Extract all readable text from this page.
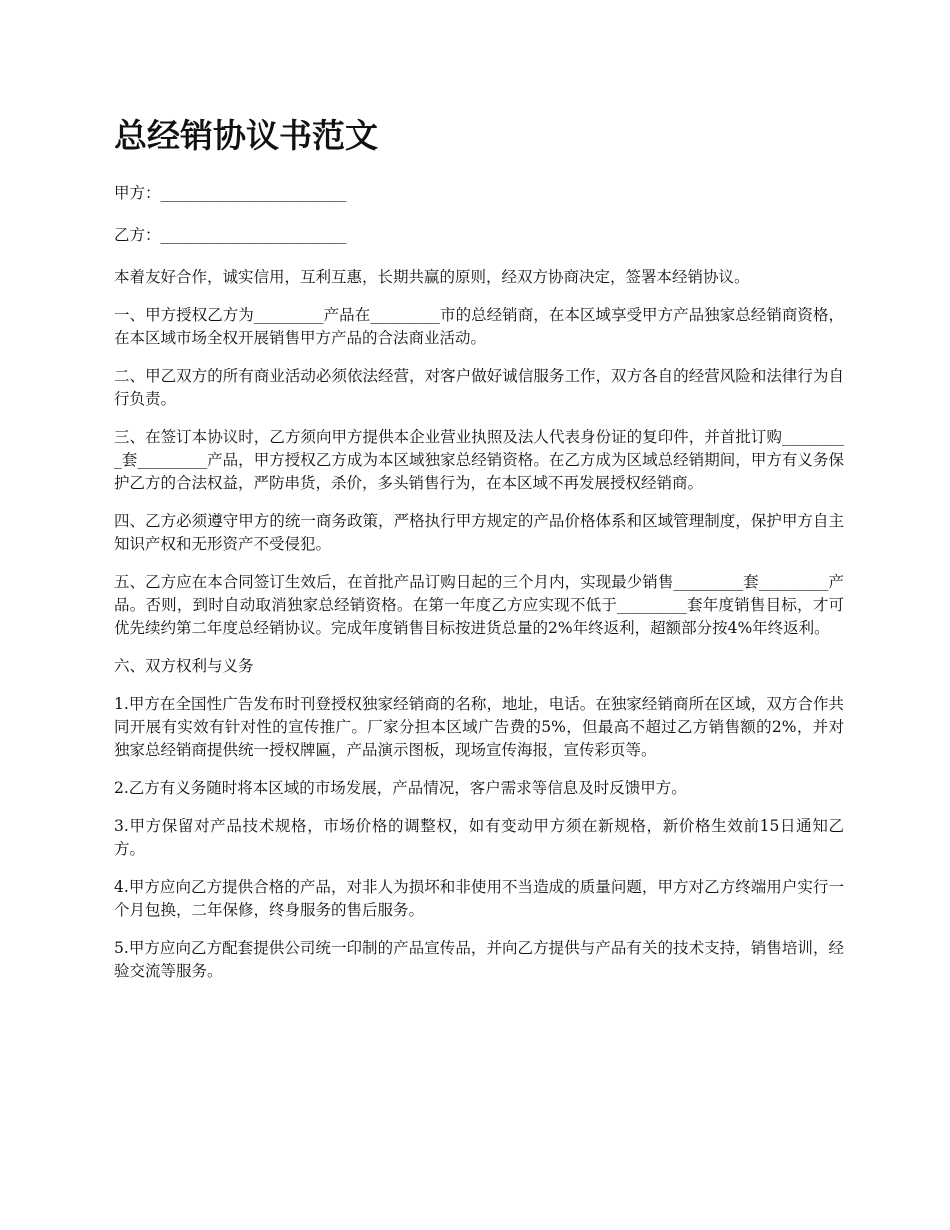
总经销协议书范文

甲方：________________________

乙方：________________________

本着友好合作，诚实信用，互利互惠，长期共赢的原则，经双方协商决定，签署本经销协议。

一、甲方授权乙方为_________产品在_________市的总经销商，在本区域享受甲方产品独家总经销商资格，在本区域市场全权开展销售甲方产品的合法商业活动。

二、甲乙双方的所有商业活动必须依法经营，对客户做好诚信服务工作，双方各自的经营风险和法律行为自行负责。

三、在签订本协议时，乙方须向甲方提供本企业营业执照及法人代表身份证的复印件，并首批订购_________套_________产品，甲方授权乙方成为本区域独家总经销资格。在乙方成为区域总经销期间，甲方有义务保护乙方的合法权益，严防串货，杀价，多头销售行为，在本区域不再发展授权经销商。

四、乙方必须遵守甲方的统一商务政策，严格执行甲方规定的产品价格体系和区域管理制度，保护甲方自主知识产权和无形资产不受侵犯。

五、乙方应在本合同签订生效后，在首批产品订购日起的三个月内，实现最少销售_________套_________产品。否则，到时自动取消独家总经销资格。在第一年度乙方应实现不低于_________套年度销售目标，才可优先续约第二年度总经销协议。完成年度销售目标按进货总量的2%年终返利，超额部分按4%年终返利。

六、双方权利与义务

1.甲方在全国性广告发布时刊登授权独家经销商的名称，地址，电话。在独家经销商所在区域，双方合作共同开展有实效有针对性的宣传推广。厂家分担本区域广告费的5%，但最高不超过乙方销售额的2%，并对独家总经销商提供统一授权牌匾，产品演示图板，现场宣传海报，宣传彩页等。

2.乙方有义务随时将本区域的市场发展，产品情况，客户需求等信息及时反馈甲方。

3.甲方保留对产品技术规格，市场价格的调整权，如有变动甲方须在新规格，新价格生效前15日通知乙方。

4.甲方应向乙方提供合格的产品，对非人为损坏和非使用不当造成的质量问题，甲方对乙方终端用户实行一个月包换，二年保修，终身服务的售后服务。

5.甲方应向乙方配套提供公司统一印制的产品宣传品，并向乙方提供与产品有关的技术支持，销售培训，经验交流等服务。
